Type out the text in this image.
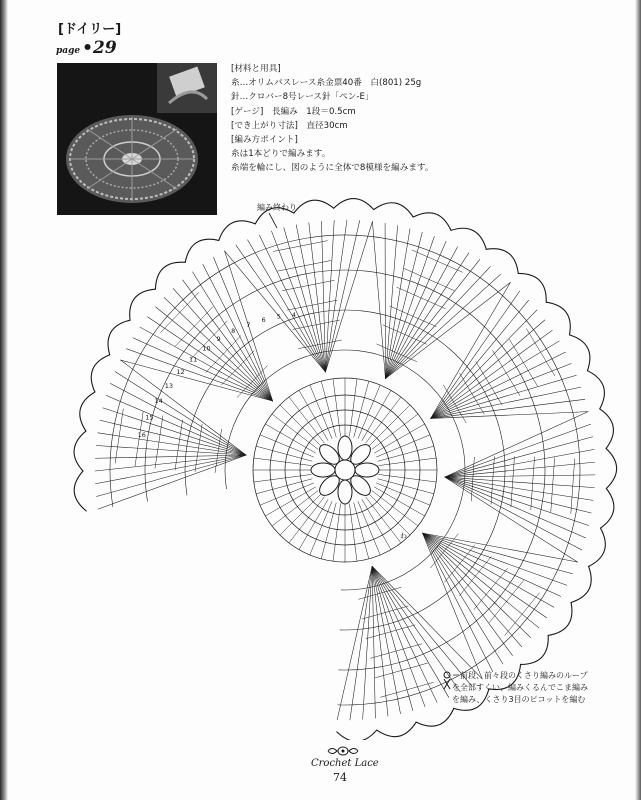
[ドイリー]
page •29
[材料と用具]
糸…オリムパスレース糸金票40番　白(801) 25g
針…クロバー8号レース針「ペン-E」
[ゲージ]　長編み　1段＝0.5cm
[でき上がり寸法]　直径30cm
[編み方ポイント]
糸は1本どりで編みます。
糸端を輪にし、図のように全体で8模様を編みます。
編み終わり
ゎ
16
15
14
13
12
11
10
9
8
7
6 5 4
＝前段、前々段のくさり編みのループ
を全部すくい、編みくるんでこま編み
を編み、くさり3目のピコットを編む
Crochet Lace
74
